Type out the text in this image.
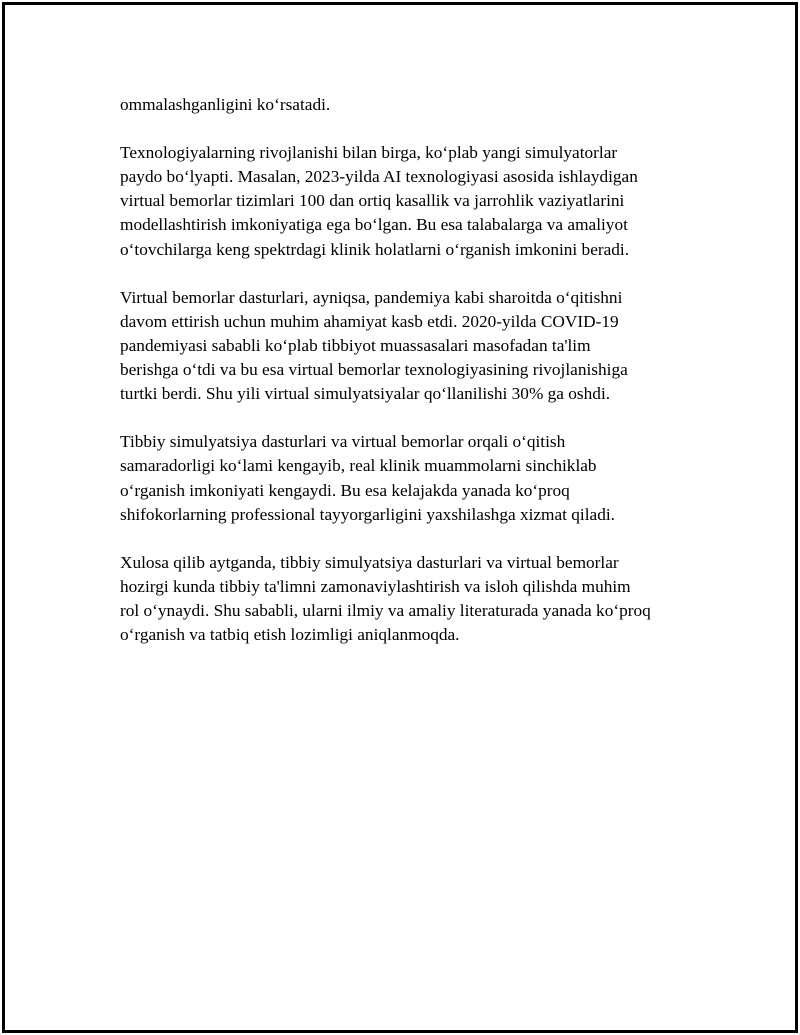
ommalashganligini koʻrsatadi.

Texnologiyalarning rivojlanishi bilan birga, koʻplab yangi simulyatorlar
paydo boʻlyapti. Masalan, 2023-yilda AI texnologiyasi asosida ishlaydigan
virtual bemorlar tizimlari 100 dan ortiq kasallik va jarrohlik vaziyatlarini
modellashtirish imkoniyatiga ega boʻlgan. Bu esa talabalarga va amaliyot
oʻtovchilarga keng spektrdagi klinik holatlarni oʻrganish imkonini beradi.

Virtual bemorlar dasturlari, ayniqsa, pandemiya kabi sharoitda oʻqitishni
davom ettirish uchun muhim ahamiyat kasb etdi. 2020-yilda COVID-19
pandemiyasi sababli koʻplab tibbiyot muassasalari masofadan ta'lim
berishga oʻtdi va bu esa virtual bemorlar texnologiyasining rivojlanishiga
turtki berdi. Shu yili virtual simulyatsiyalar qoʻllanilishi 30% ga oshdi.

Tibbiy simulyatsiya dasturlari va virtual bemorlar orqali oʻqitish
samaradorligi koʻlami kengayib, real klinik muammolarni sinchiklab
oʻrganish imkoniyati kengaydi. Bu esa kelajakda yanada koʻproq
shifokorlarning professional tayyorgarligini yaxshilashga xizmat qiladi.

Xulosa qilib aytganda, tibbiy simulyatsiya dasturlari va virtual bemorlar
hozirgi kunda tibbiy ta'limni zamonaviylashtirish va isloh qilishda muhim
rol oʻynaydi. Shu sababli, ularni ilmiy va amaliy literaturada yanada koʻproq
oʻrganish va tatbiq etish lozimligi aniqlanmoqda.
